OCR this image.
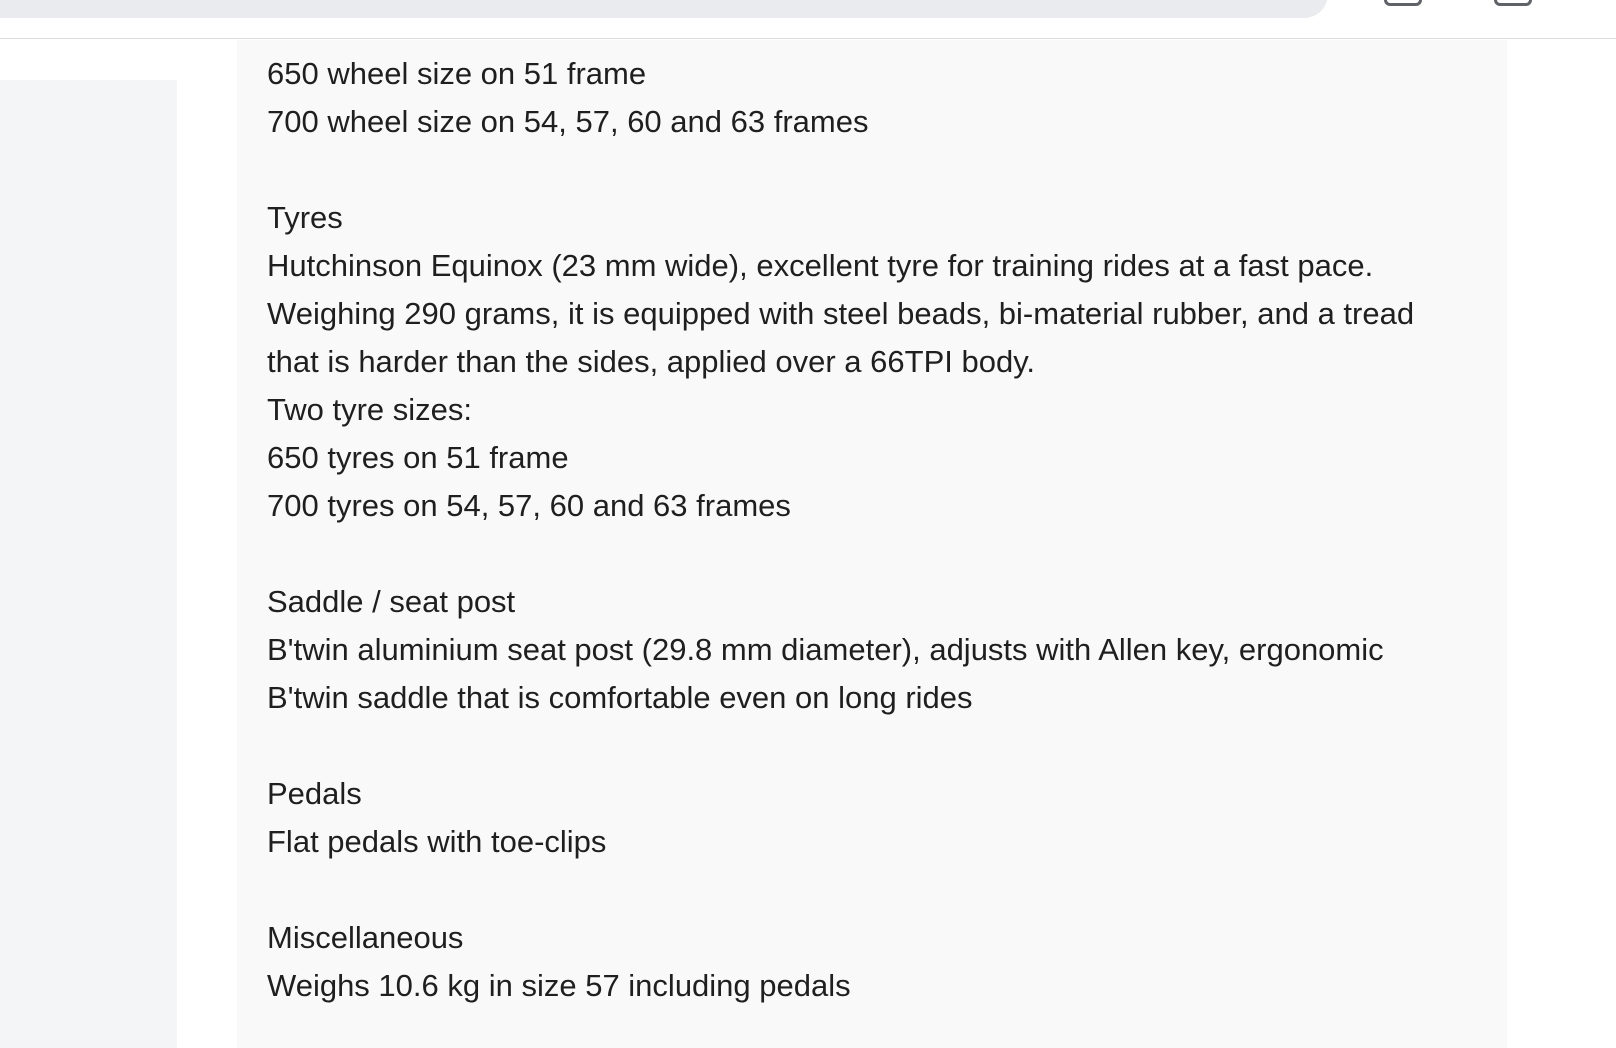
650 wheel size on 51 frame
700 wheel size on 54, 57, 60 and 63 frames
Tyres
Hutchinson Equinox (23 mm wide), excellent tyre for training rides at a fast pace.
Weighing 290 grams, it is equipped with steel beads, bi-material rubber, and a tread
that is harder than the sides, applied over a 66TPI body.
Two tyre sizes:
650 tyres on 51 frame
700 tyres on 54, 57, 60 and 63 frames
Saddle / seat post
B'twin aluminium seat post (29.8 mm diameter), adjusts with Allen key, ergonomic
B'twin saddle that is comfortable even on long rides
Pedals
Flat pedals with toe-clips
Miscellaneous
Weighs 10.6 kg in size 57 including pedals
